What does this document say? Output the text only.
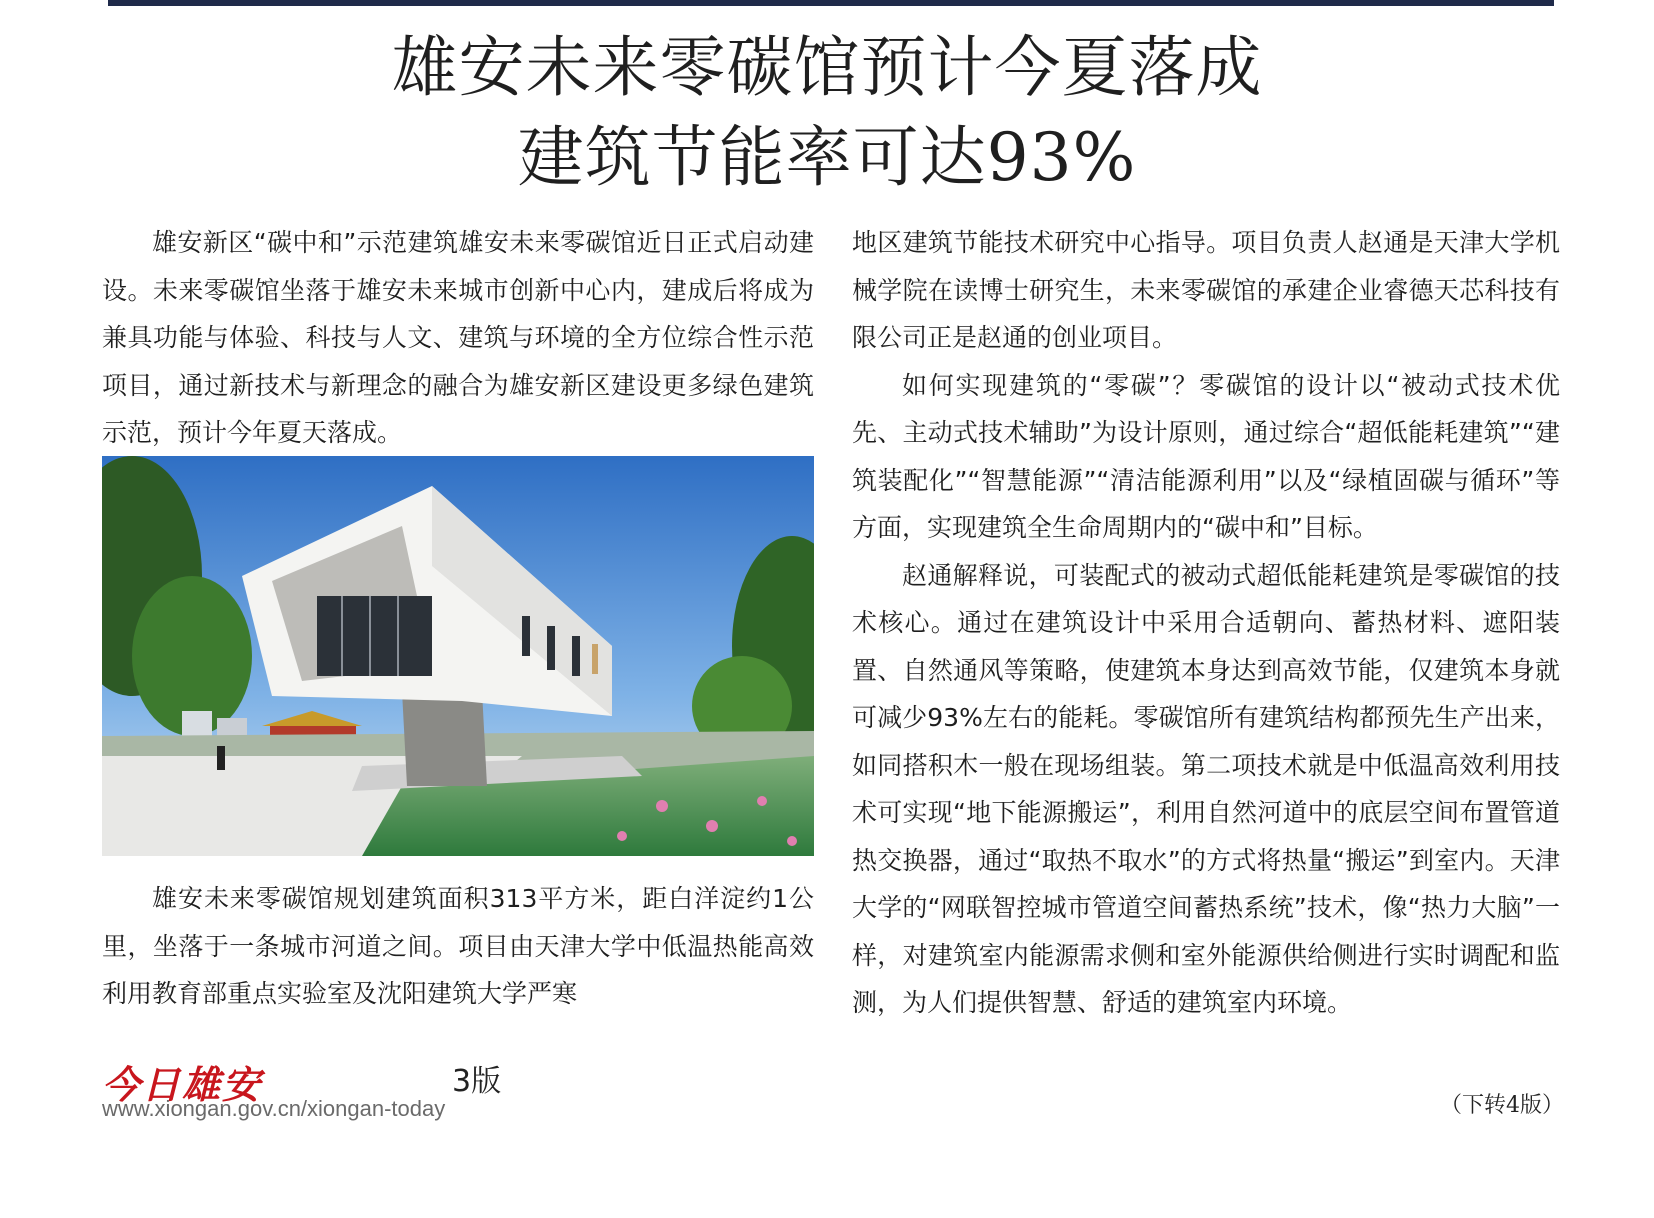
雄安未来零碳馆预计今夏落成
建筑节能率可达93%

雄安新区“碳中和”示范建筑雄安未来零碳馆近日正式启动建设。未来零碳馆坐落于雄安未来城市创新中心内，建成后将成为兼具功能与体验、科技与人文、建筑与环境的全方位综合性示范项目，通过新技术与新理念的融合为雄安新区建设更多绿色建筑示范，预计今年夏天落成。

雄安未来零碳馆规划建筑面积313平方米，距白洋淀约1公里，坐落于一条城市河道之间。项目由天津大学中低温热能高效利用教育部重点实验室及沈阳建筑大学严寒

地区建筑节能技术研究中心指导。项目负责人赵通是天津大学机械学院在读博士研究生，未来零碳馆的承建企业睿德天芯科技有限公司正是赵通的创业项目。

如何实现建筑的“零碳”？零碳馆的设计以“被动式技术优先、主动式技术辅助”为设计原则，通过综合“超低能耗建筑”“建筑装配化”“智慧能源”“清洁能源利用”以及“绿植固碳与循环”等方面，实现建筑全生命周期内的“碳中和”目标。

赵通解释说，可装配式的被动式超低能耗建筑是零碳馆的技术核心。通过在建筑设计中采用合适朝向、蓄热材料、遮阳装置、自然通风等策略，使建筑本身达到高效节能，仅建筑本身就可减少93%左右的能耗。零碳馆所有建筑结构都预先生产出来，如同搭积木一般在现场组装。第二项技术就是中低温高效利用技术可实现“地下能源搬运”，利用自然河道中的底层空间布置管道热交换器，通过“取热不取水”的方式将热量“搬运”到室内。天津大学的“网联智控城市管道空间蓄热系统”技术，像“热力大脑”一样，对建筑室内能源需求侧和室外能源供给侧进行实时调配和监测，为人们提供智慧、舒适的建筑室内环境。

今日雄安	3版
www.xiongan.gov.cn/xiongan-today	（下转4版）
